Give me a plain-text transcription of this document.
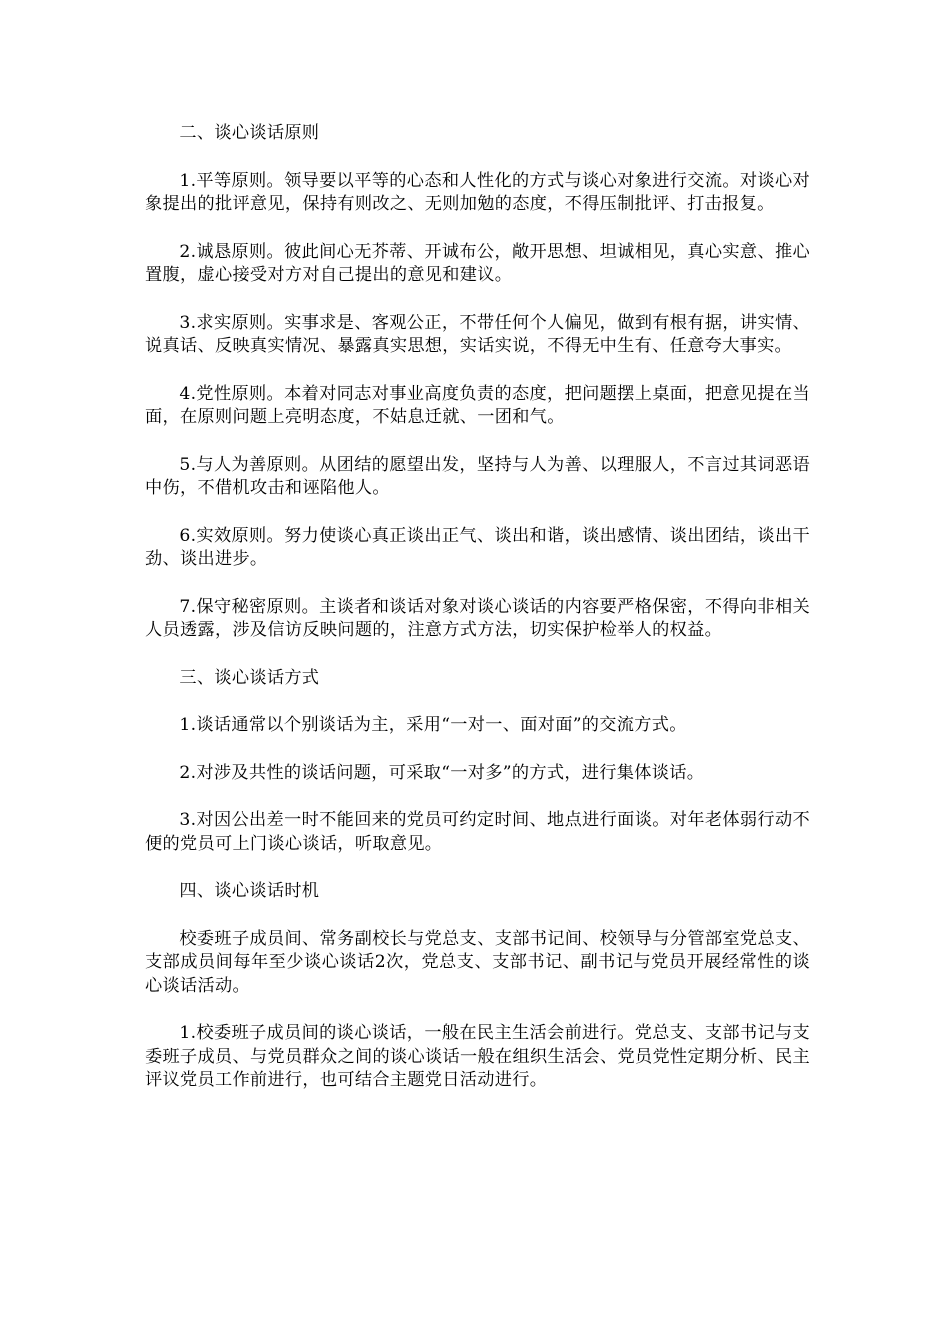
二、谈心谈话原则

1.平等原则。领导要以平等的心态和人性化的方式与谈心对象进行交流。对谈心对象提出的批评意见，保持有则改之、无则加勉的态度，不得压制批评、打击报复。

2.诚恳原则。彼此间心无芥蒂、开诚布公，敞开思想、坦诚相见，真心实意、推心置腹，虚心接受对方对自己提出的意见和建议。

3.求实原则。实事求是、客观公正，不带任何个人偏见，做到有根有据，讲实情、说真话、反映真实情况、暴露真实思想，实话实说，不得无中生有、任意夸大事实。

4.党性原则。本着对同志对事业高度负责的态度，把问题摆上桌面，把意见提在当面，在原则问题上亮明态度，不姑息迁就、一团和气。

5.与人为善原则。从团结的愿望出发，坚持与人为善、以理服人，不言过其词恶语中伤，不借机攻击和诬陷他人。

6.实效原则。努力使谈心真正谈出正气、谈出和谐，谈出感情、谈出团结，谈出干劲、谈出进步。

7.保守秘密原则。主谈者和谈话对象对谈心谈话的内容要严格保密，不得向非相关人员透露，涉及信访反映问题的，注意方式方法，切实保护检举人的权益。

三、谈心谈话方式

1.谈话通常以个别谈话为主，采用“一对一、面对面”的交流方式。

2.对涉及共性的谈话问题，可采取“一对多”的方式，进行集体谈话。

3.对因公出差一时不能回来的党员可约定时间、地点进行面谈。对年老体弱行动不便的党员可上门谈心谈话，听取意见。

四、谈心谈话时机

校委班子成员间、常务副校长与党总支、支部书记间、校领导与分管部室党总支、支部成员间每年至少谈心谈话2次，党总支、支部书记、副书记与党员开展经常性的谈心谈话活动。

1.校委班子成员间的谈心谈话，一般在民主生活会前进行。党总支、支部书记与支委班子成员、与党员群众之间的谈心谈话一般在组织生活会、党员党性定期分析、民主评议党员工作前进行，也可结合主题党日活动进行。
